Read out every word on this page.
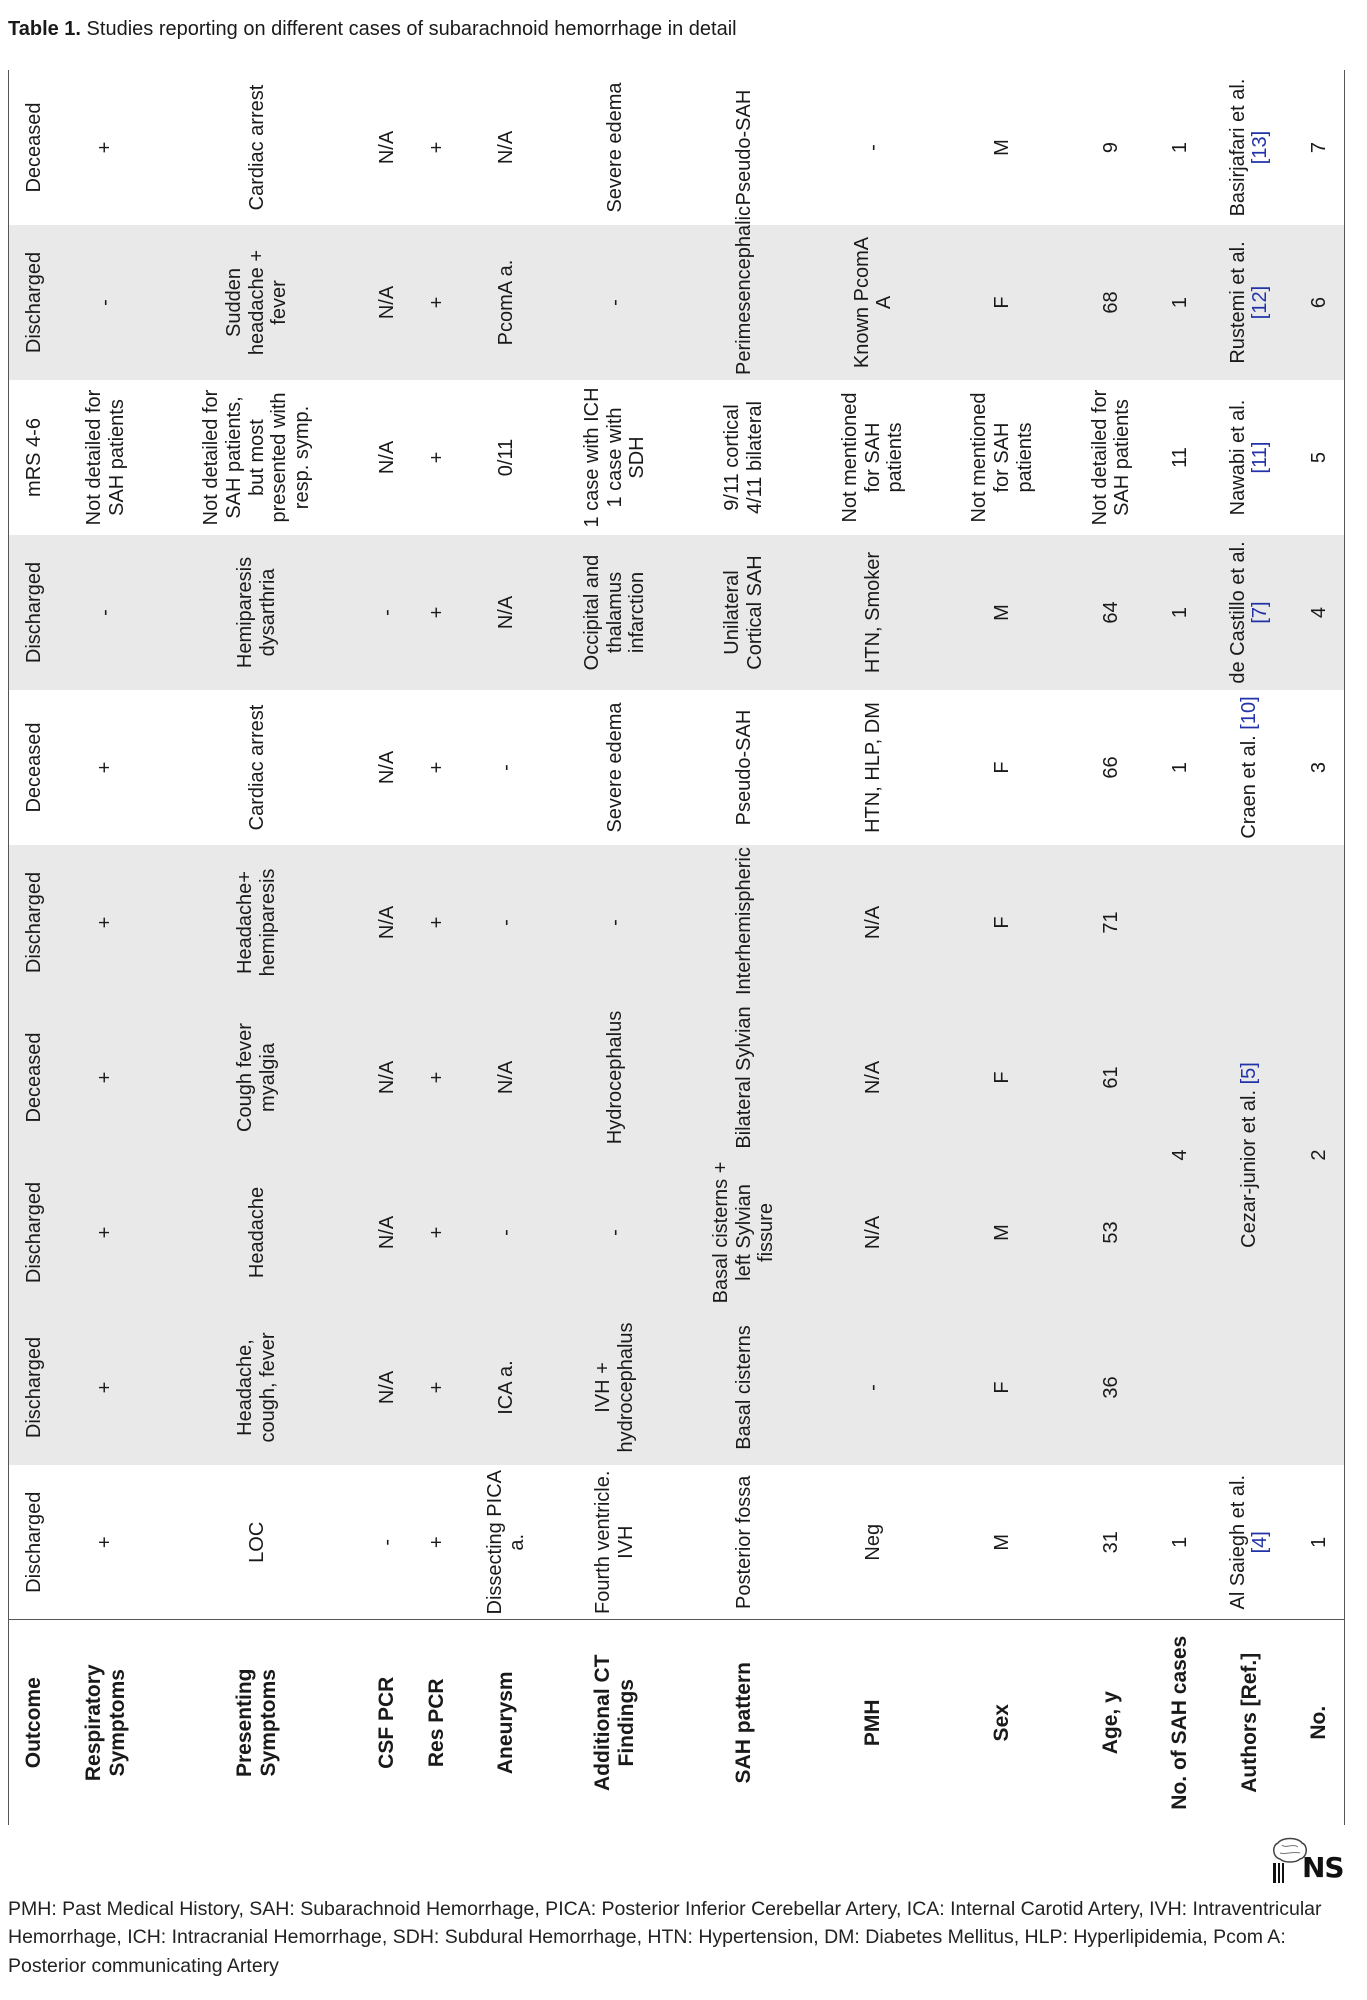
Table 1. Studies reporting on different cases of subarachnoid hemorrhage in detail
Outcome	Discharged	Discharged	Discharged	Deceased	Discharged	Deceased	Discharged	mRS 4-6	Discharged	Deceased
Respiratory Symptoms	+	+	+	+	+	+	-	Not detailed for SAH patients	-	+
Presenting Symptoms	LOC	Headache, cough, fever	Headache	Cough fever myalgia	Headache+ hemiparesis	Cardiac arrest	Hemiparesis dysarthria	Not detailed for SAH patients, but most presented with resp. symp.	Sudden headache + fever	Cardiac arrest
CSF PCR	-	N/A	N/A	N/A	N/A	N/A	-	N/A	N/A	N/A
Res PCR	+	+	+	+	+	+	+	+	+	+
Aneurysm	Dissecting PICA a.	ICA a.	-	N/A	-	-	N/A	0/11	PcomA a.	N/A
Additional CT Findings	Fourth ventricle. IVH	IVH + hydrocephalus	-	Hydrocephalus	-	Severe edema	Occipital and thalamus infarction	1 case with ICH 1 case with SDH	-	Severe edema
SAH pattern	Posterior fossa	Basal cisterns	Basal cisterns + left Sylvian fissure	Bilateral Sylvian	Interhemispheric	Pseudo-SAH	Unilateral Cortical SAH	9/11 cortical 4/11 bilateral	Perimesencephalic	Pseudo-SAH
PMH	Neg	-	N/A	N/A	N/A	HTN, HLP, DM	HTN, Smoker	Not mentioned for SAH patients	Known PcomA A	-
Sex	M	F	M	F	F	F	M	Not mentioned for SAH patients	F	M
Age, y	31	36	53	61	71	66	64	Not detailed for SAH patients	68	9
No. of SAH cases	1	4				1	1	11	1	1
Authors [Ref.]	Al Saiegh et al. [4]	Cezar-junior et al. [5]				Craen et al. [10]	de Castillo et al. [7]	Nawabi et al. [11]	Rustemi et al. [12]	Basirjafari et al. [13]
No.	1	2				3	4	5	6	7
NS
PMH: Past Medical History, SAH: Subarachnoid Hemorrhage, PICA: Posterior Inferior Cerebellar Artery, ICA: Internal Carotid Artery, IVH: Intraventricular Hemorrhage, ICH: Intracranial Hemorrhage, SDH: Subdural Hemorrhage, HTN: Hypertension, DM: Diabetes Mellitus, HLP: Hyperlipidemia, Pcom A: Posterior communicating Artery
